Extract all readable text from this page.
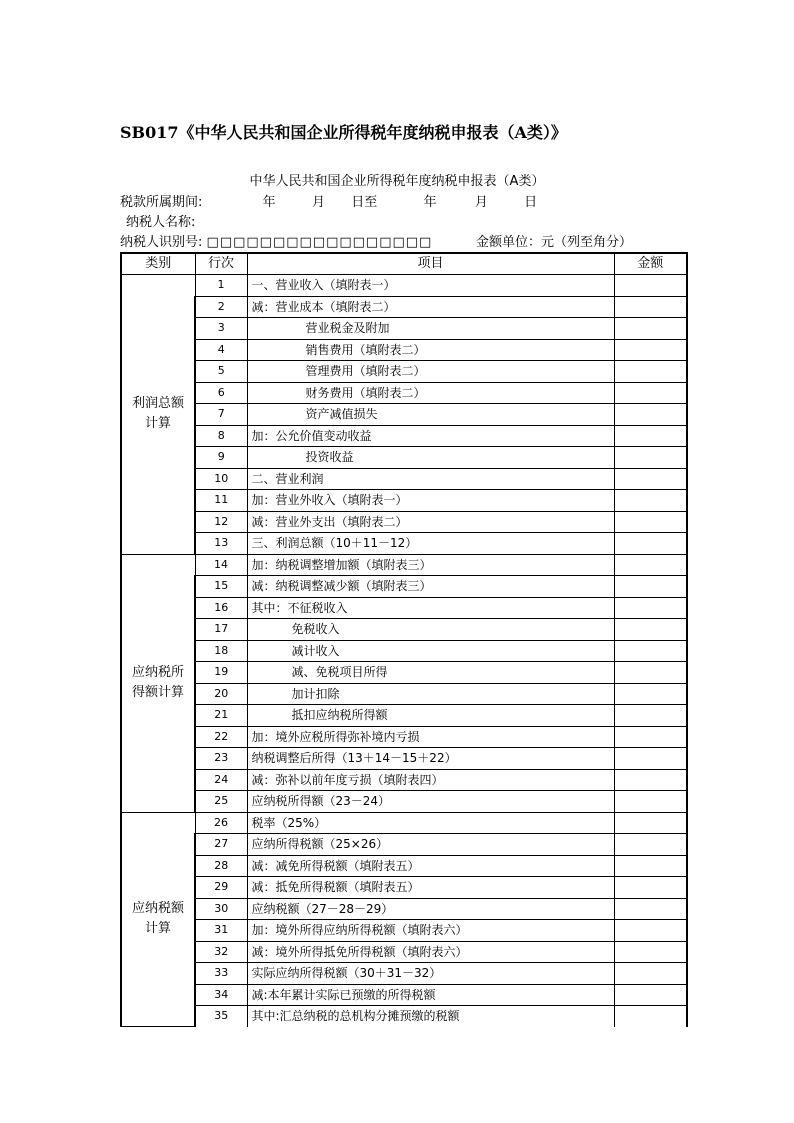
SB017《中华人民共和国企业所得税年度纳税申报表（A类）》
中华人民共和国企业所得税年度纳税申报表（A类）
税款所属期间:	年	月 日至	年	月	日
纳税人名称:
纳税人识别号: □□□□□□□□□□□□□□□□□	金额单位：元（列至角分）
类别	行次	项目	金额
利润总额计算	1	一、营业收入（填附表一）	
	2	减：营业成本（填附表二）	
	3	营业税金及附加	
	4	销售费用（填附表二）	
	5	管理费用（填附表二）	
	6	财务费用（填附表二）	
	7	资产减值损失	
	8	加：公允价值变动收益	
	9	投资收益	
	10	二、营业利润	
	11	加：营业外收入（填附表一）	
	12	减：营业外支出（填附表二）	
	13	三、利润总额（10＋11－12）	
应纳税所得额计算	14	加：纳税调整增加额（填附表三）	
	15	减：纳税调整减少额（填附表三）	
	16	其中：不征税收入	
	17	免税收入	
	18	减计收入	
	19	减、免税项目所得	
	20	加计扣除	
	21	抵扣应纳税所得额	
	22	加：境外应税所得弥补境内亏损	
	23	纳税调整后所得（13＋14－15＋22）	
	24	减：弥补以前年度亏损（填附表四）	
	25	应纳税所得额（23－24）	
应纳税额计算	26	税率（25%）	
	27	应纳所得税额（25×26）	
	28	减：减免所得税额（填附表五）	
	29	减：抵免所得税额（填附表五）	
	30	应纳税额（27－28－29）	
	31	加：境外所得应纳所得税额（填附表六）	
	32	减：境外所得抵免所得税额（填附表六）	
	33	实际应纳所得税额（30＋31－32）	
	34	减:本年累计实际已预缴的所得税额	
	35	其中:汇总纳税的总机构分摊预缴的税额	
